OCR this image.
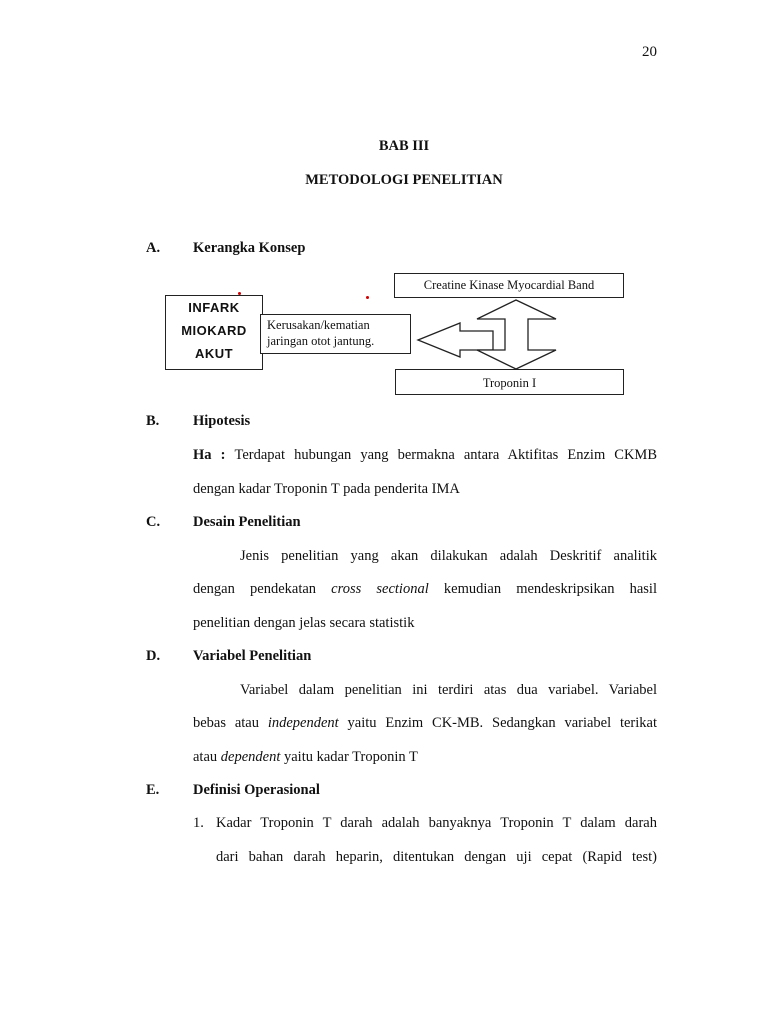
20
BAB III
METODOLOGI PENELITIAN
A. Kerangka Konsep
INFARK
MIOKARD
AKUT
Kerusakan/kematian
jaringan otot jantung.
Creatine Kinase Myocardial Band
Troponin I
B. Hipotesis
Ha : Terdapat hubungan yang bermakna antara Aktifitas Enzim CKMB
dengan kadar Troponin T pada penderita IMA
C. Desain Penelitian
Jenis penelitian yang akan dilakukan adalah Deskritif analitik
dengan pendekatan cross sectional kemudian mendeskripsikan hasil
penelitian dengan jelas secara statistik
D. Variabel Penelitian
Variabel dalam penelitian ini terdiri atas dua variabel. Variabel
bebas atau independent yaitu Enzim CK-MB. Sedangkan variabel terikat
atau dependent yaitu kadar Troponin T
E. Definisi Operasional
1. Kadar Troponin T darah adalah banyaknya Troponin T dalam darah
dari bahan darah heparin, ditentukan dengan uji cepat (Rapid test)
